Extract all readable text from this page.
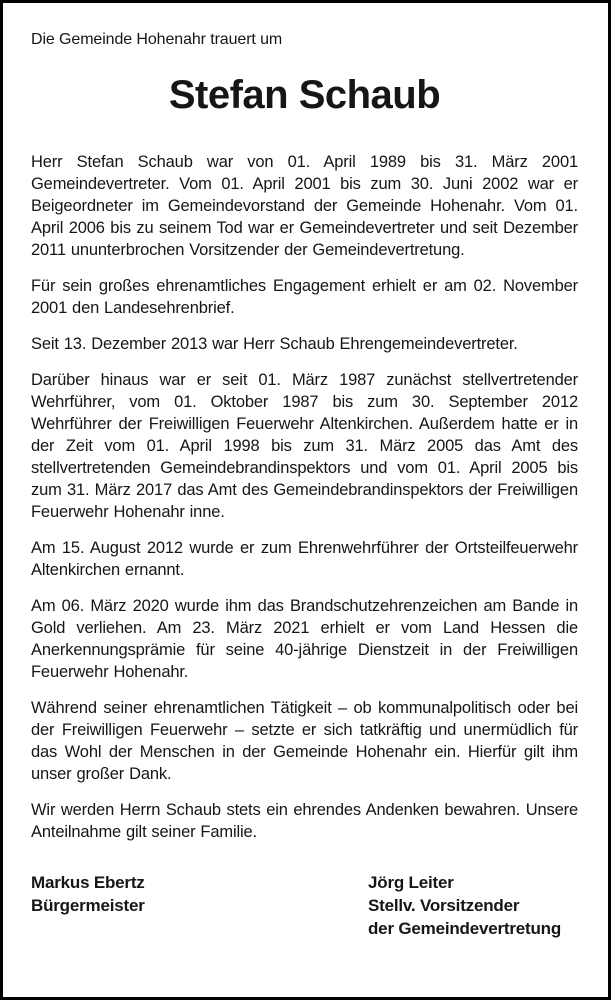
Die Gemeinde Hohenahr trauert um

Stefan Schaub

Herr Stefan Schaub war von 01. April 1989 bis 31. März 2001 Gemeindevertreter. Vom 01. April 2001 bis zum 30. Juni 2002 war er Beigeordneter im Gemeindevorstand der Gemeinde Hohenahr. Vom 01. April 2006 bis zu seinem Tod war er Gemeindevertreter und seit Dezember 2011 ununterbrochen Vorsitzender der Gemeindevertretung.

Für sein großes ehrenamtliches Engagement erhielt er am 02. November 2001 den Landesehrenbrief.

Seit 13. Dezember 2013 war Herr Schaub Ehrengemeindevertreter.

Darüber hinaus war er seit 01. März 1987 zunächst stellvertretender Wehrführer, vom 01. Oktober 1987 bis zum 30. September 2012 Wehrführer der Freiwilligen Feuerwehr Altenkirchen. Außerdem hatte er in der Zeit vom 01. April 1998 bis zum 31. März 2005 das Amt des stellvertretenden Gemeindebrandinspektors und vom 01. April 2005 bis zum 31. März 2017 das Amt des Gemeindebrandinspektors der Freiwilligen Feuerwehr Hohenahr inne.

Am 15. August 2012 wurde er zum Ehrenwehrführer der Ortsteilfeuerwehr Altenkirchen ernannt.

Am 06. März 2020 wurde ihm das Brandschutzehrenzeichen am Bande in Gold verliehen. Am 23. März 2021 erhielt er vom Land Hessen die Anerkennungsprämie für seine 40-jährige Dienstzeit in der Freiwilligen Feuerwehr Hohenahr.

Während seiner ehrenamtlichen Tätigkeit – ob kommunalpolitisch oder bei der Freiwilligen Feuerwehr – setzte er sich tatkräftig und unermüdlich für das Wohl der Menschen in der Gemeinde Hohenahr ein. Hierfür gilt ihm unser großer Dank.

Wir werden Herrn Schaub stets ein ehrendes Andenken bewahren. Unsere Anteilnahme gilt seiner Familie.

Markus Ebertz
Bürgermeister
Jörg Leiter
Stellv. Vorsitzender
der Gemeindevertretung
